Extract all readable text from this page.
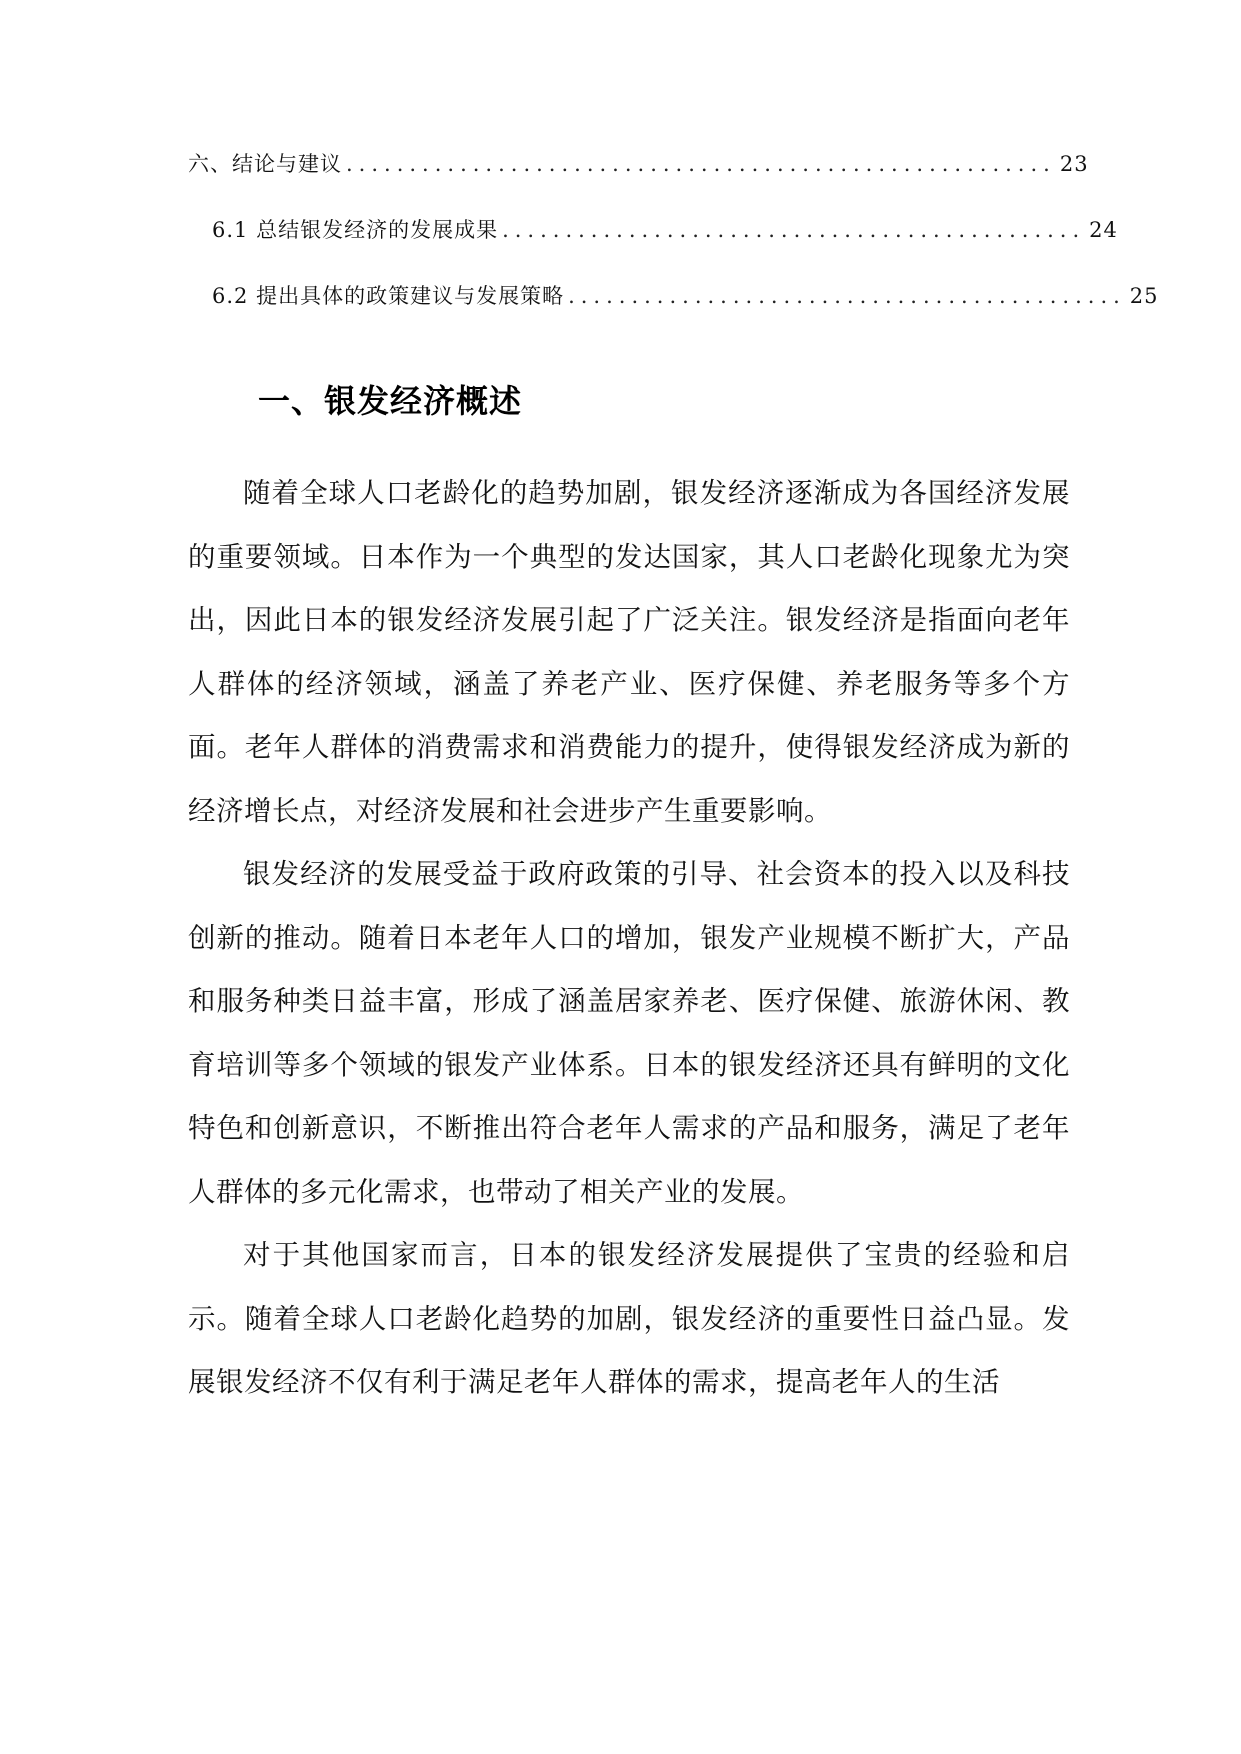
六、结论与建议 ........................................................ 23
6.1 总结银发经济的发展成果 .............................................. 24
6.2 提出具体的政策建议与发展策略 ............................................ 25
一、银发经济概述

随着全球人口老龄化的趋势加剧，银发经济逐渐成为各国经济发展的重要领域。日本作为一个典型的发达国家，其人口老龄化现象尤为突出，因此日本的银发经济发展引起了广泛关注。银发经济是指面向老年人群体的经济领域，涵盖了养老产业、医疗保健、养老服务等多个方面。老年人群体的消费需求和消费能力的提升，使得银发经济成为新的经济增长点，对经济发展和社会进步产生重要影响。

银发经济的发展受益于政府政策的引导、社会资本的投入以及科技创新的推动。随着日本老年人口的增加，银发产业规模不断扩大，产品和服务种类日益丰富，形成了涵盖居家养老、医疗保健、旅游休闲、教育培训等多个领域的银发产业体系。日本的银发经济还具有鲜明的文化特色和创新意识，不断推出符合老年人需求的产品和服务，满足了老年人群体的多元化需求，也带动了相关产业的发展。

对于其他国家而言，日本的银发经济发展提供了宝贵的经验和启示。随着全球人口老龄化趋势的加剧，银发经济的重要性日益凸显。发展银发经济不仅有利于满足老年人群体的需求，提高老年人的生活
